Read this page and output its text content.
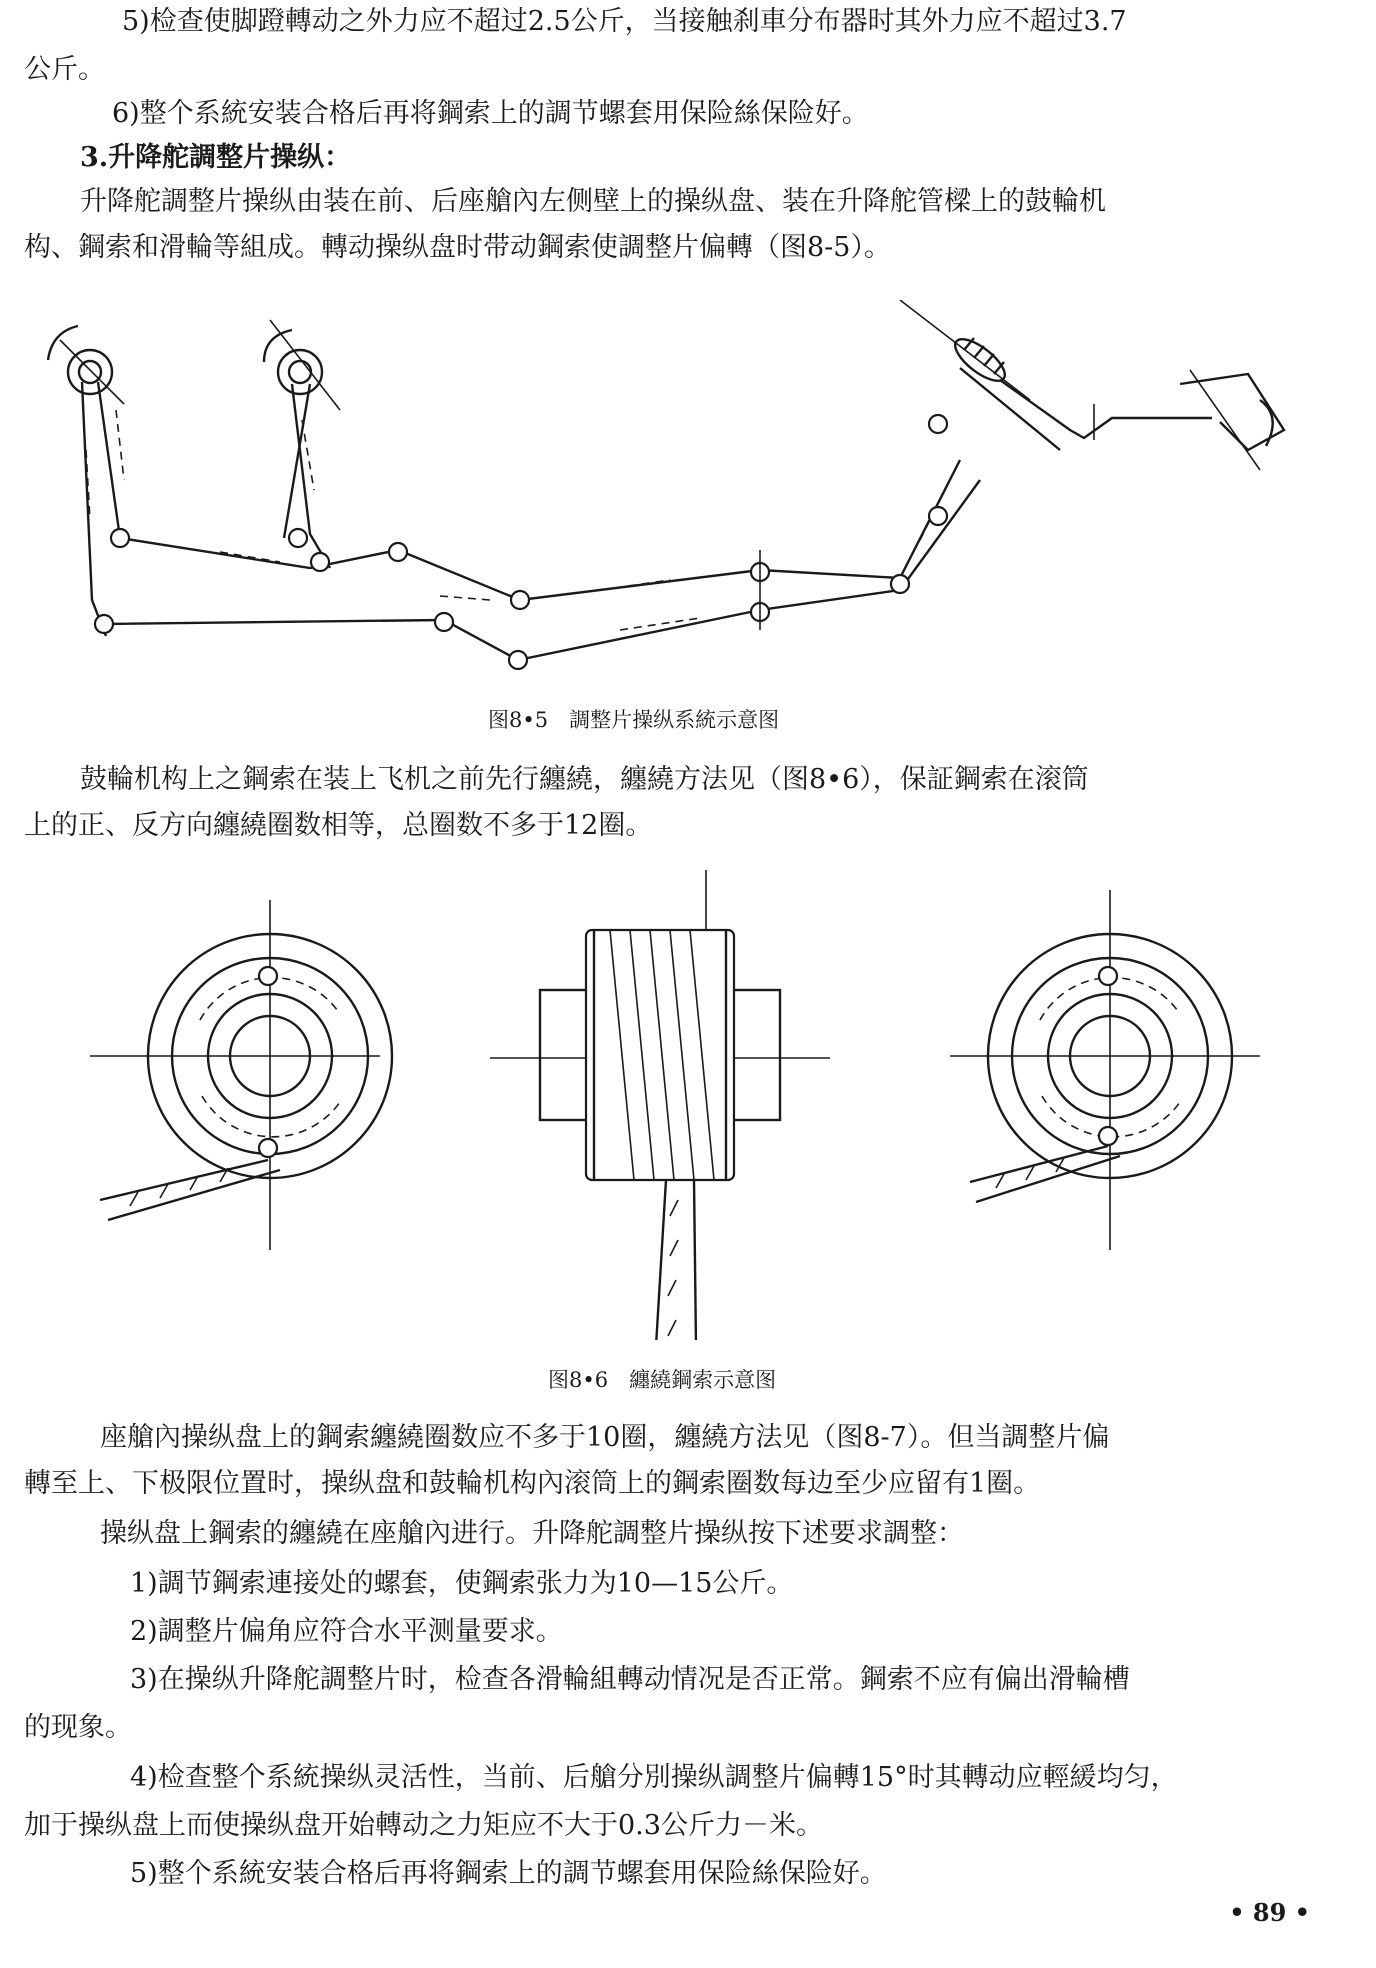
5)检查使脚蹬轉动之外力应不超过2.5公斤，当接触刹車分布器时其外力应不超过3.7

公斤。

6)整个系統安装合格后再将鋼索上的調节螺套用保险絲保险好。

3.升降舵調整片操纵：

升降舵調整片操纵由装在前、后座艙內左侧壁上的操纵盘、装在升降舵管樑上的鼓輪机

构、鋼索和滑輪等組成。轉动操纵盘时带动鋼索使調整片偏轉（图8-5）。

图8•5　調整片操纵系統示意图

鼓輪机构上之鋼索在装上飞机之前先行纏繞，纏繞方法见（图8•6），保証鋼索在滚筒

上的正、反方向纏繞圈数相等，总圈数不多于12圈。

图8•6　纏繞鋼索示意图

座艙內操纵盘上的鋼索纏繞圈数应不多于10圈，纏繞方法见（图8-7）。但当調整片偏

轉至上、下极限位置时，操纵盘和鼓輪机构內滚筒上的鋼索圈数每边至少应留有1圈。

操纵盘上鋼索的纏繞在座艙內进行。升降舵調整片操纵按下述要求調整：

1)調节鋼索連接处的螺套，使鋼索张力为10—15公斤。

2)調整片偏角应符合水平测量要求。

3)在操纵升降舵調整片时，检查各滑輪組轉动情况是否正常。鋼索不应有偏出滑輪槽

的现象。

4)检查整个系統操纵灵活性，当前、后艙分別操纵調整片偏轉15°时其轉动应輕緩均匀，

加于操纵盘上而使操纵盘开始轉动之力矩应不大于0.3公斤力－米。

5)整个系統安装合格后再将鋼索上的調节螺套用保险絲保险好。

• 89 •
